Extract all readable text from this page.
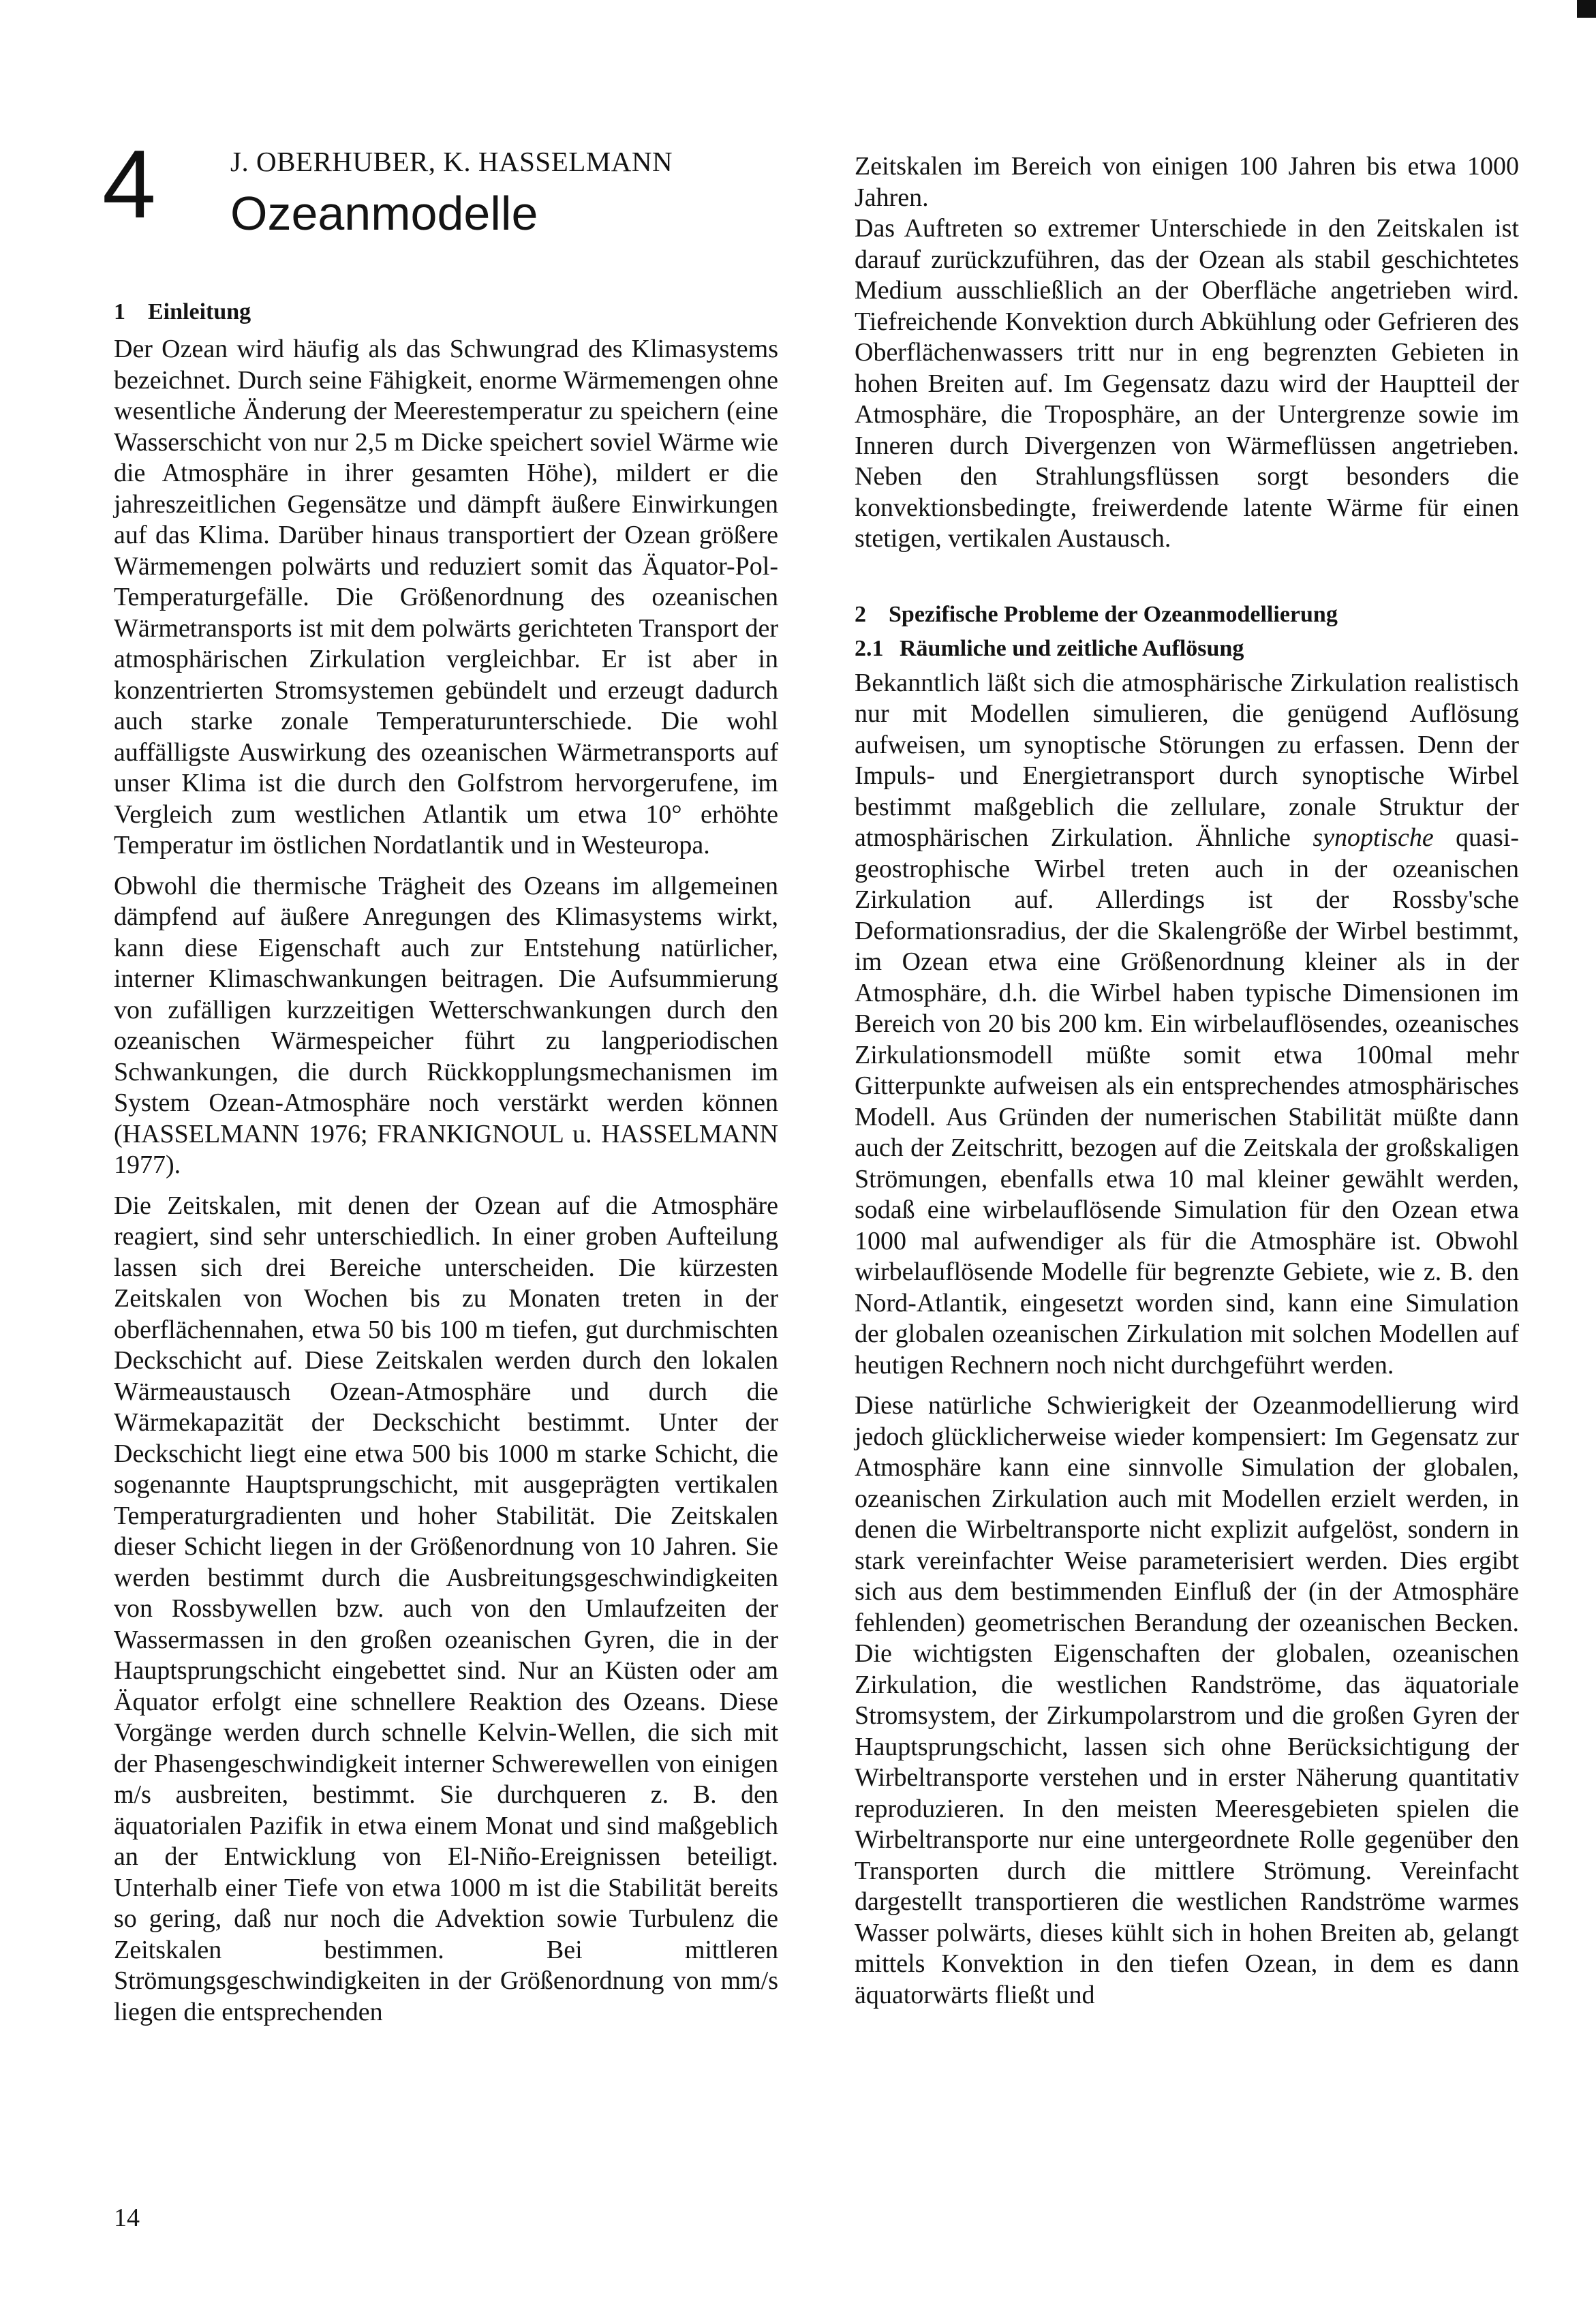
4	J. OBERHUBER, K. HASSELMANN
Ozeanmodelle
1 Einleitung

Der Ozean wird häufig als das Schwungrad des Klimasystems bezeichnet. Durch seine Fähigkeit, enorme Wärmemengen ohne wesentliche Änderung der Meerestemperatur zu speichern (eine Wasserschicht von nur 2,5 m Dicke speichert soviel Wärme wie die Atmosphäre in ihrer gesamten Höhe), mildert er die jahreszeitlichen Gegensätze und dämpft äußere Einwirkungen auf das Klima. Darüber hinaus transportiert der Ozean größere Wärmemengen polwärts und reduziert somit das Äquator-Pol-Temperaturgefälle. Die Größenordnung des ozeanischen Wärmetransports ist mit dem polwärts gerichteten Transport der atmosphärischen Zirkulation vergleichbar. Er ist aber in konzentrierten Stromsystemen gebündelt und erzeugt dadurch auch starke zonale Temperaturunterschiede. Die wohl auffälligste Auswirkung des ozeanischen Wärmetransports auf unser Klima ist die durch den Golfstrom hervorgerufene, im Vergleich zum westlichen Atlantik um etwa 10° erhöhte Temperatur im östlichen Nordatlantik und in Westeuropa.

Obwohl die thermische Trägheit des Ozeans im allgemeinen dämpfend auf äußere Anregungen des Klimasystems wirkt, kann diese Eigenschaft auch zur Entstehung natürlicher, interner Klimaschwankungen beitragen. Die Aufsummierung von zufälligen kurzzeitigen Wetterschwankungen durch den ozeanischen Wärmespeicher führt zu langperiodischen Schwankungen, die durch Rückkopplungsmechanismen im System Ozean-Atmosphäre noch verstärkt werden können (HASSELMANN 1976; FRANKIGNOUL u. HASSELMANN 1977).

Die Zeitskalen, mit denen der Ozean auf die Atmosphäre reagiert, sind sehr unterschiedlich. In einer groben Aufteilung lassen sich drei Bereiche unterscheiden. Die kürzesten Zeitskalen von Wochen bis zu Monaten treten in der oberflächennahen, etwa 50 bis 100 m tiefen, gut durchmischten Deckschicht auf. Diese Zeitskalen werden durch den lokalen Wärmeaustausch Ozean-Atmosphäre und durch die Wärmekapazität der Deckschicht bestimmt. Unter der Deckschicht liegt eine etwa 500 bis 1000 m starke Schicht, die sogenannte Hauptsprungschicht, mit ausgeprägten vertikalen Temperaturgradienten und hoher Stabilität. Die Zeitskalen dieser Schicht liegen in der Größenordnung von 10 Jahren. Sie werden bestimmt durch die Ausbreitungsgeschwindigkeiten von Rossbywellen bzw. auch von den Umlaufzeiten der Wassermassen in den großen ozeanischen Gyren, die in der Hauptsprungschicht eingebettet sind. Nur an Küsten oder am Äquator erfolgt eine schnellere Reaktion des Ozeans. Diese Vorgänge werden durch schnelle Kelvin-Wellen, die sich mit der Phasengeschwindigkeit interner Schwerewellen von einigen m/s ausbreiten, bestimmt. Sie durchqueren z. B. den äquatorialen Pazifik in etwa einem Monat und sind maßgeblich an der Entwicklung von El-Niño-Ereignissen beteiligt. Unterhalb einer Tiefe von etwa 1000 m ist die Stabilität bereits so gering, daß nur noch die Advektion sowie Turbulenz die Zeitskalen bestimmen. Bei mittleren Strömungsgeschwindigkeiten in der Größenordnung von mm/s liegen die entsprechenden

Zeitskalen im Bereich von einigen 100 Jahren bis etwa 1000 Jahren.

Das Auftreten so extremer Unterschiede in den Zeitskalen ist darauf zurückzuführen, das der Ozean als stabil geschichtetes Medium ausschließlich an der Oberfläche angetrieben wird. Tiefreichende Konvektion durch Abkühlung oder Gefrieren des Oberflächenwassers tritt nur in eng begrenzten Gebieten in hohen Breiten auf. Im Gegensatz dazu wird der Hauptteil der Atmosphäre, die Troposphäre, an der Untergrenze sowie im Inneren durch Divergenzen von Wärmeflüssen angetrieben. Neben den Strahlungsflüssen sorgt besonders die konvektionsbedingte, freiwerdende latente Wärme für einen stetigen, vertikalen Austausch.

2 Spezifische Probleme der Ozeanmodellierung
2.1 Räumliche und zeitliche Auflösung

Bekanntlich läßt sich die atmosphärische Zirkulation realistisch nur mit Modellen simulieren, die genügend Auflösung aufweisen, um synoptische Störungen zu erfassen. Denn der Impuls- und Energietransport durch synoptische Wirbel bestimmt maßgeblich die zellulare, zonale Struktur der atmosphärischen Zirkulation. Ähnliche synoptische quasi-geostrophische Wirbel treten auch in der ozeanischen Zirkulation auf. Allerdings ist der Rossby'sche Deformationsradius, der die Skalengröße der Wirbel bestimmt, im Ozean etwa eine Größenordnung kleiner als in der Atmosphäre, d.h. die Wirbel haben typische Dimensionen im Bereich von 20 bis 200 km. Ein wirbelauflösendes, ozeanisches Zirkulationsmodell müßte somit etwa 100mal mehr Gitterpunkte aufweisen als ein entsprechendes atmosphärisches Modell. Aus Gründen der numerischen Stabilität müßte dann auch der Zeitschritt, bezogen auf die Zeitskala der großskaligen Strömungen, ebenfalls etwa 10 mal kleiner gewählt werden, sodaß eine wirbelauflösende Simulation für den Ozean etwa 1000 mal aufwendiger als für die Atmosphäre ist. Obwohl wirbelauflösende Modelle für begrenzte Gebiete, wie z. B. den Nord-Atlantik, eingesetzt worden sind, kann eine Simulation der globalen ozeanischen Zirkulation mit solchen Modellen auf heutigen Rechnern noch nicht durchgeführt werden.

Diese natürliche Schwierigkeit der Ozeanmodellierung wird jedoch glücklicherweise wieder kompensiert: Im Gegensatz zur Atmosphäre kann eine sinnvolle Simulation der globalen, ozeanischen Zirkulation auch mit Modellen erzielt werden, in denen die Wirbeltransporte nicht explizit aufgelöst, sondern in stark vereinfachter Weise parameterisiert werden. Dies ergibt sich aus dem bestimmenden Einfluß der (in der Atmosphäre fehlenden) geometrischen Berandung der ozeanischen Becken. Die wichtigsten Eigenschaften der globalen, ozeanischen Zirkulation, die westlichen Randströme, das äquatoriale Stromsystem, der Zirkumpolarstrom und die großen Gyren der Hauptsprungschicht, lassen sich ohne Berücksichtigung der Wirbeltransporte verstehen und in erster Näherung quantitativ reproduzieren. In den meisten Meeresgebieten spielen die Wirbeltransporte nur eine untergeordnete Rolle gegenüber den Transporten durch die mittlere Strömung. Vereinfacht dargestellt transportieren die westlichen Randströme warmes Wasser polwärts, dieses kühlt sich in hohen Breiten ab, gelangt mittels Konvektion in den tiefen Ozean, in dem es dann äquatorwärts fließt und

14
